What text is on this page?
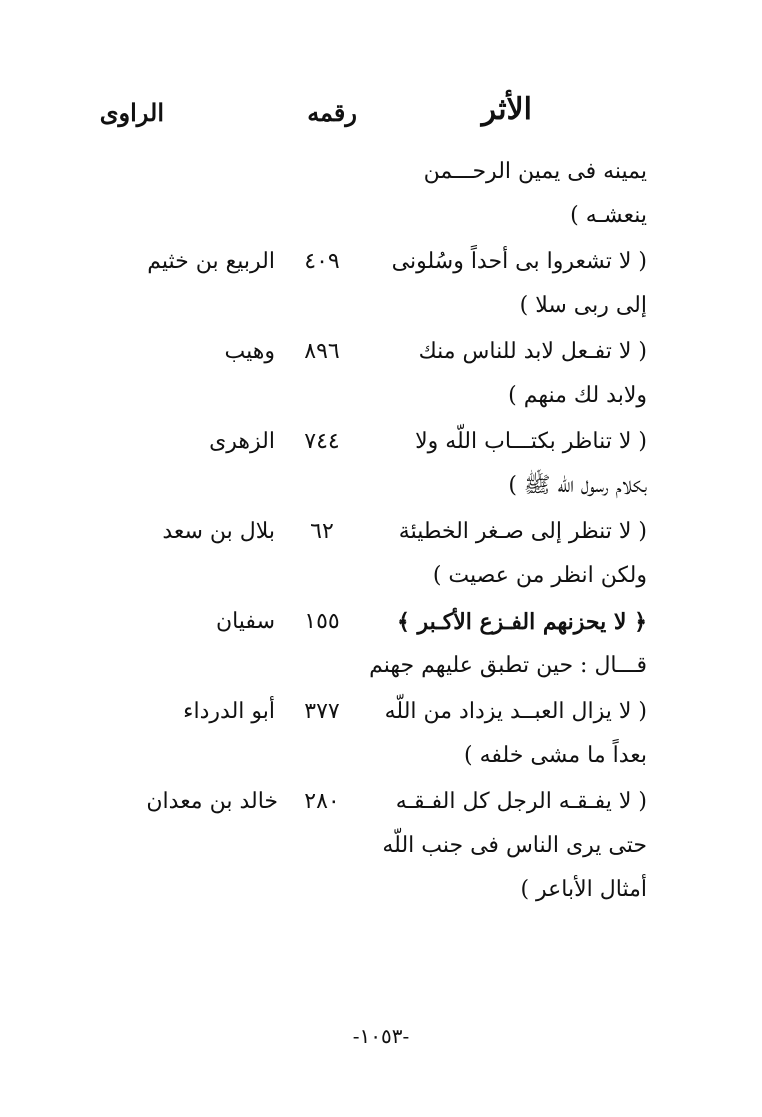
الأثر
رقمه
الراوى
يمينه فى يمين الرحـــمن
ينعشـه )
( لا تشعروا بى أحداً وسُلونى
٤٠٩
الربيع بن خثيم
إلى ربى سلا )
( لا تفـعل لابد للناس منك
٨٩٦
وهيب
ولابد لك منهم )
( لا تناظر بكتـــاب اللّه ولا
٧٤٤
الزهرى
بكلام رسول اللّه ﷺ )
( لا تنظر إلى صـغر الخطيئة
٦٢
بلال بن سعد
ولكن انظر من عصيت )
﴿ لا يحزنهم الفـزع الأكـبر ﴾
١٥٥
سفيان
قـــال : حين تطبق عليهم جهنم
( لا يزال العبــد يزداد من اللّه
٣٧٧
أبو الدرداء
بعداً ما مشى خلفه )
( لا يفـقـه الرجل كل الفـقـه
٢٨٠
خالد بن معدان
حتى يرى الناس فى جنب اللّه
أمثال الأباعر )
-١٠٥٣-
